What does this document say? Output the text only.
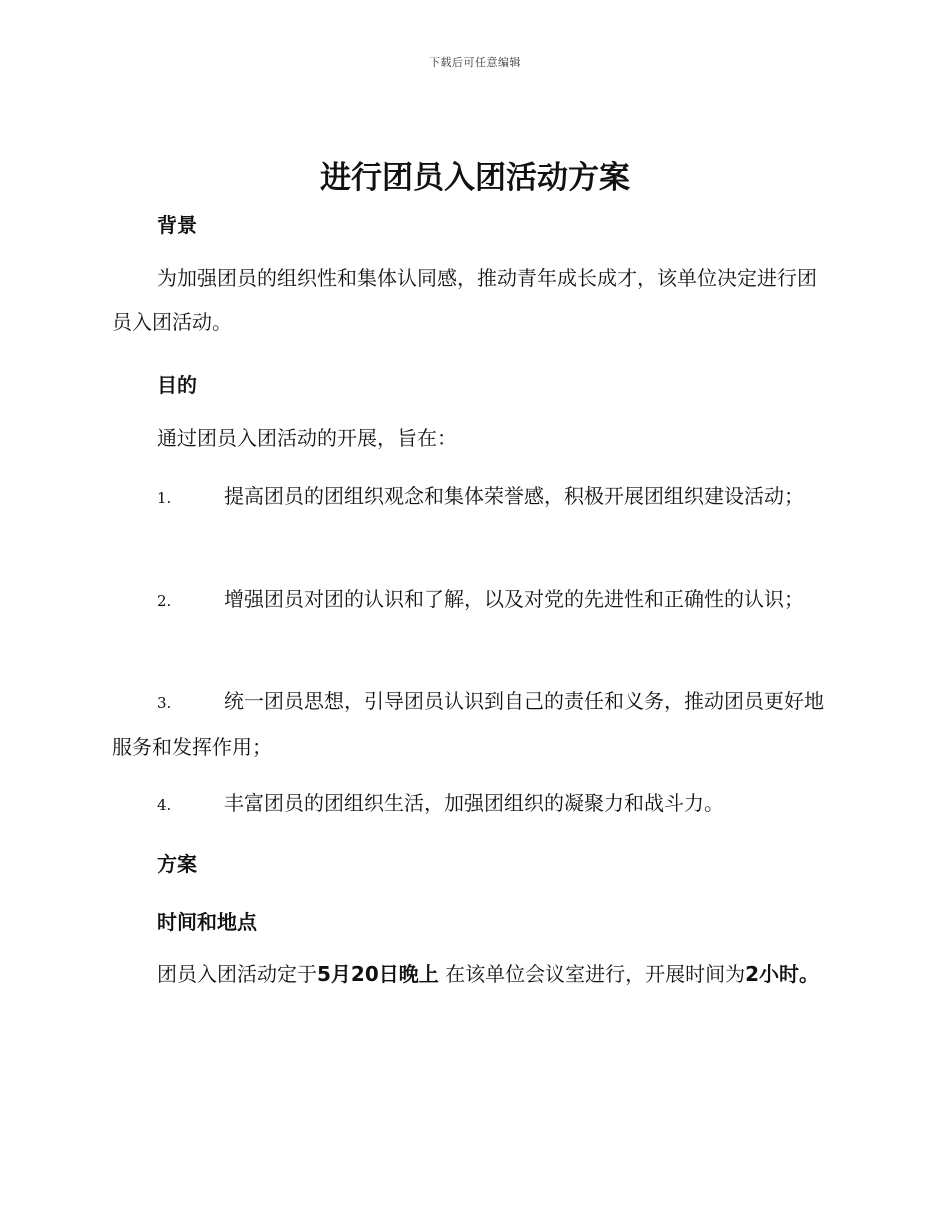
下载后可任意编辑
进行团员入团活动方案
背景

为加强团员的组织性和集体认同感，推动青年成长成才，该单位决定进行团员入团活动。

目的

通过团员入团活动的开展，旨在：

1.	提高团员的团组织观念和集体荣誉感，积极开展团组织建设活动；

2.	增强团员对团的认识和了解，以及对党的先进性和正确性的认识；

3.	统一团员思想，引导团员认识到自己的责任和义务，推动团员更好地服务和发挥作用；

4.	丰富团员的团组织生活，加强团组织的凝聚力和战斗力。

方案
时间和地点

团员入团活动定于5月20日晚上 在该单位会议室进行，开展时间为2小时。
